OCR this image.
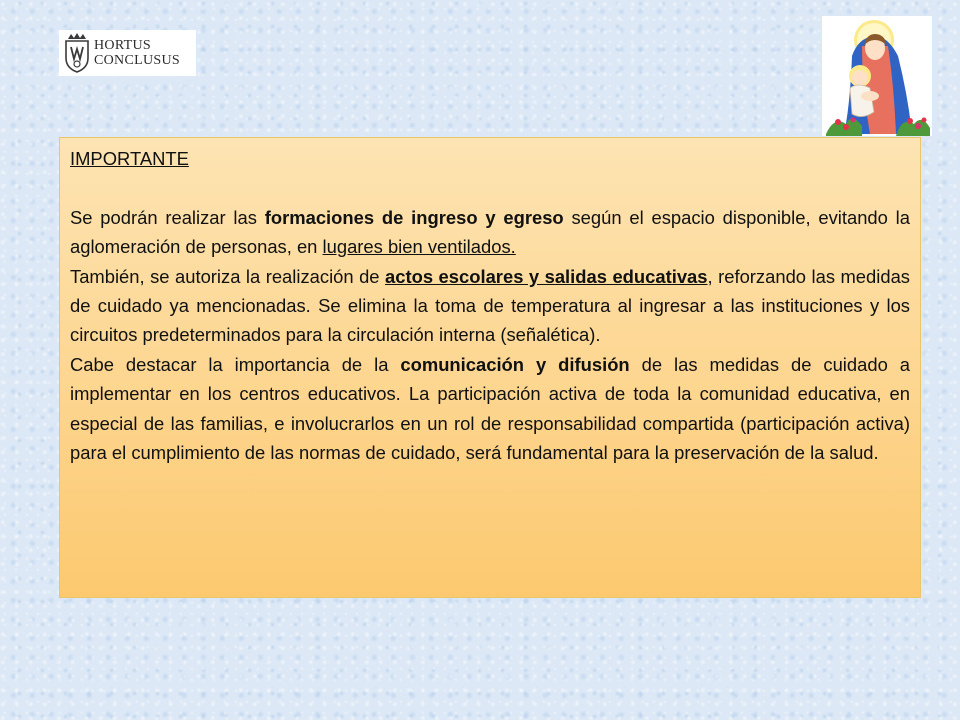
HORTUS
CONCLUSUS
IMPORTANTE

Se podrán realizar las formaciones de ingreso y egreso según el espacio disponible, evitando la aglomeración de personas, en lugares bien ventilados.

También, se autoriza la realización de actos escolares y salidas educativas, reforzando las medidas de cuidado ya mencionadas. Se elimina la toma de temperatura al ingresar a las instituciones y los circuitos predeterminados para la circulación interna (señalética).

Cabe destacar la importancia de la comunicación y difusión de las medidas de cuidado a implementar en los centros educativos. La participación activa de toda la comunidad educativa, en especial de las familias, e involucrarlos en un rol de responsabilidad compartida (participación activa) para el cumplimiento de las normas de cuidado, será fundamental para la preservación de la salud.
